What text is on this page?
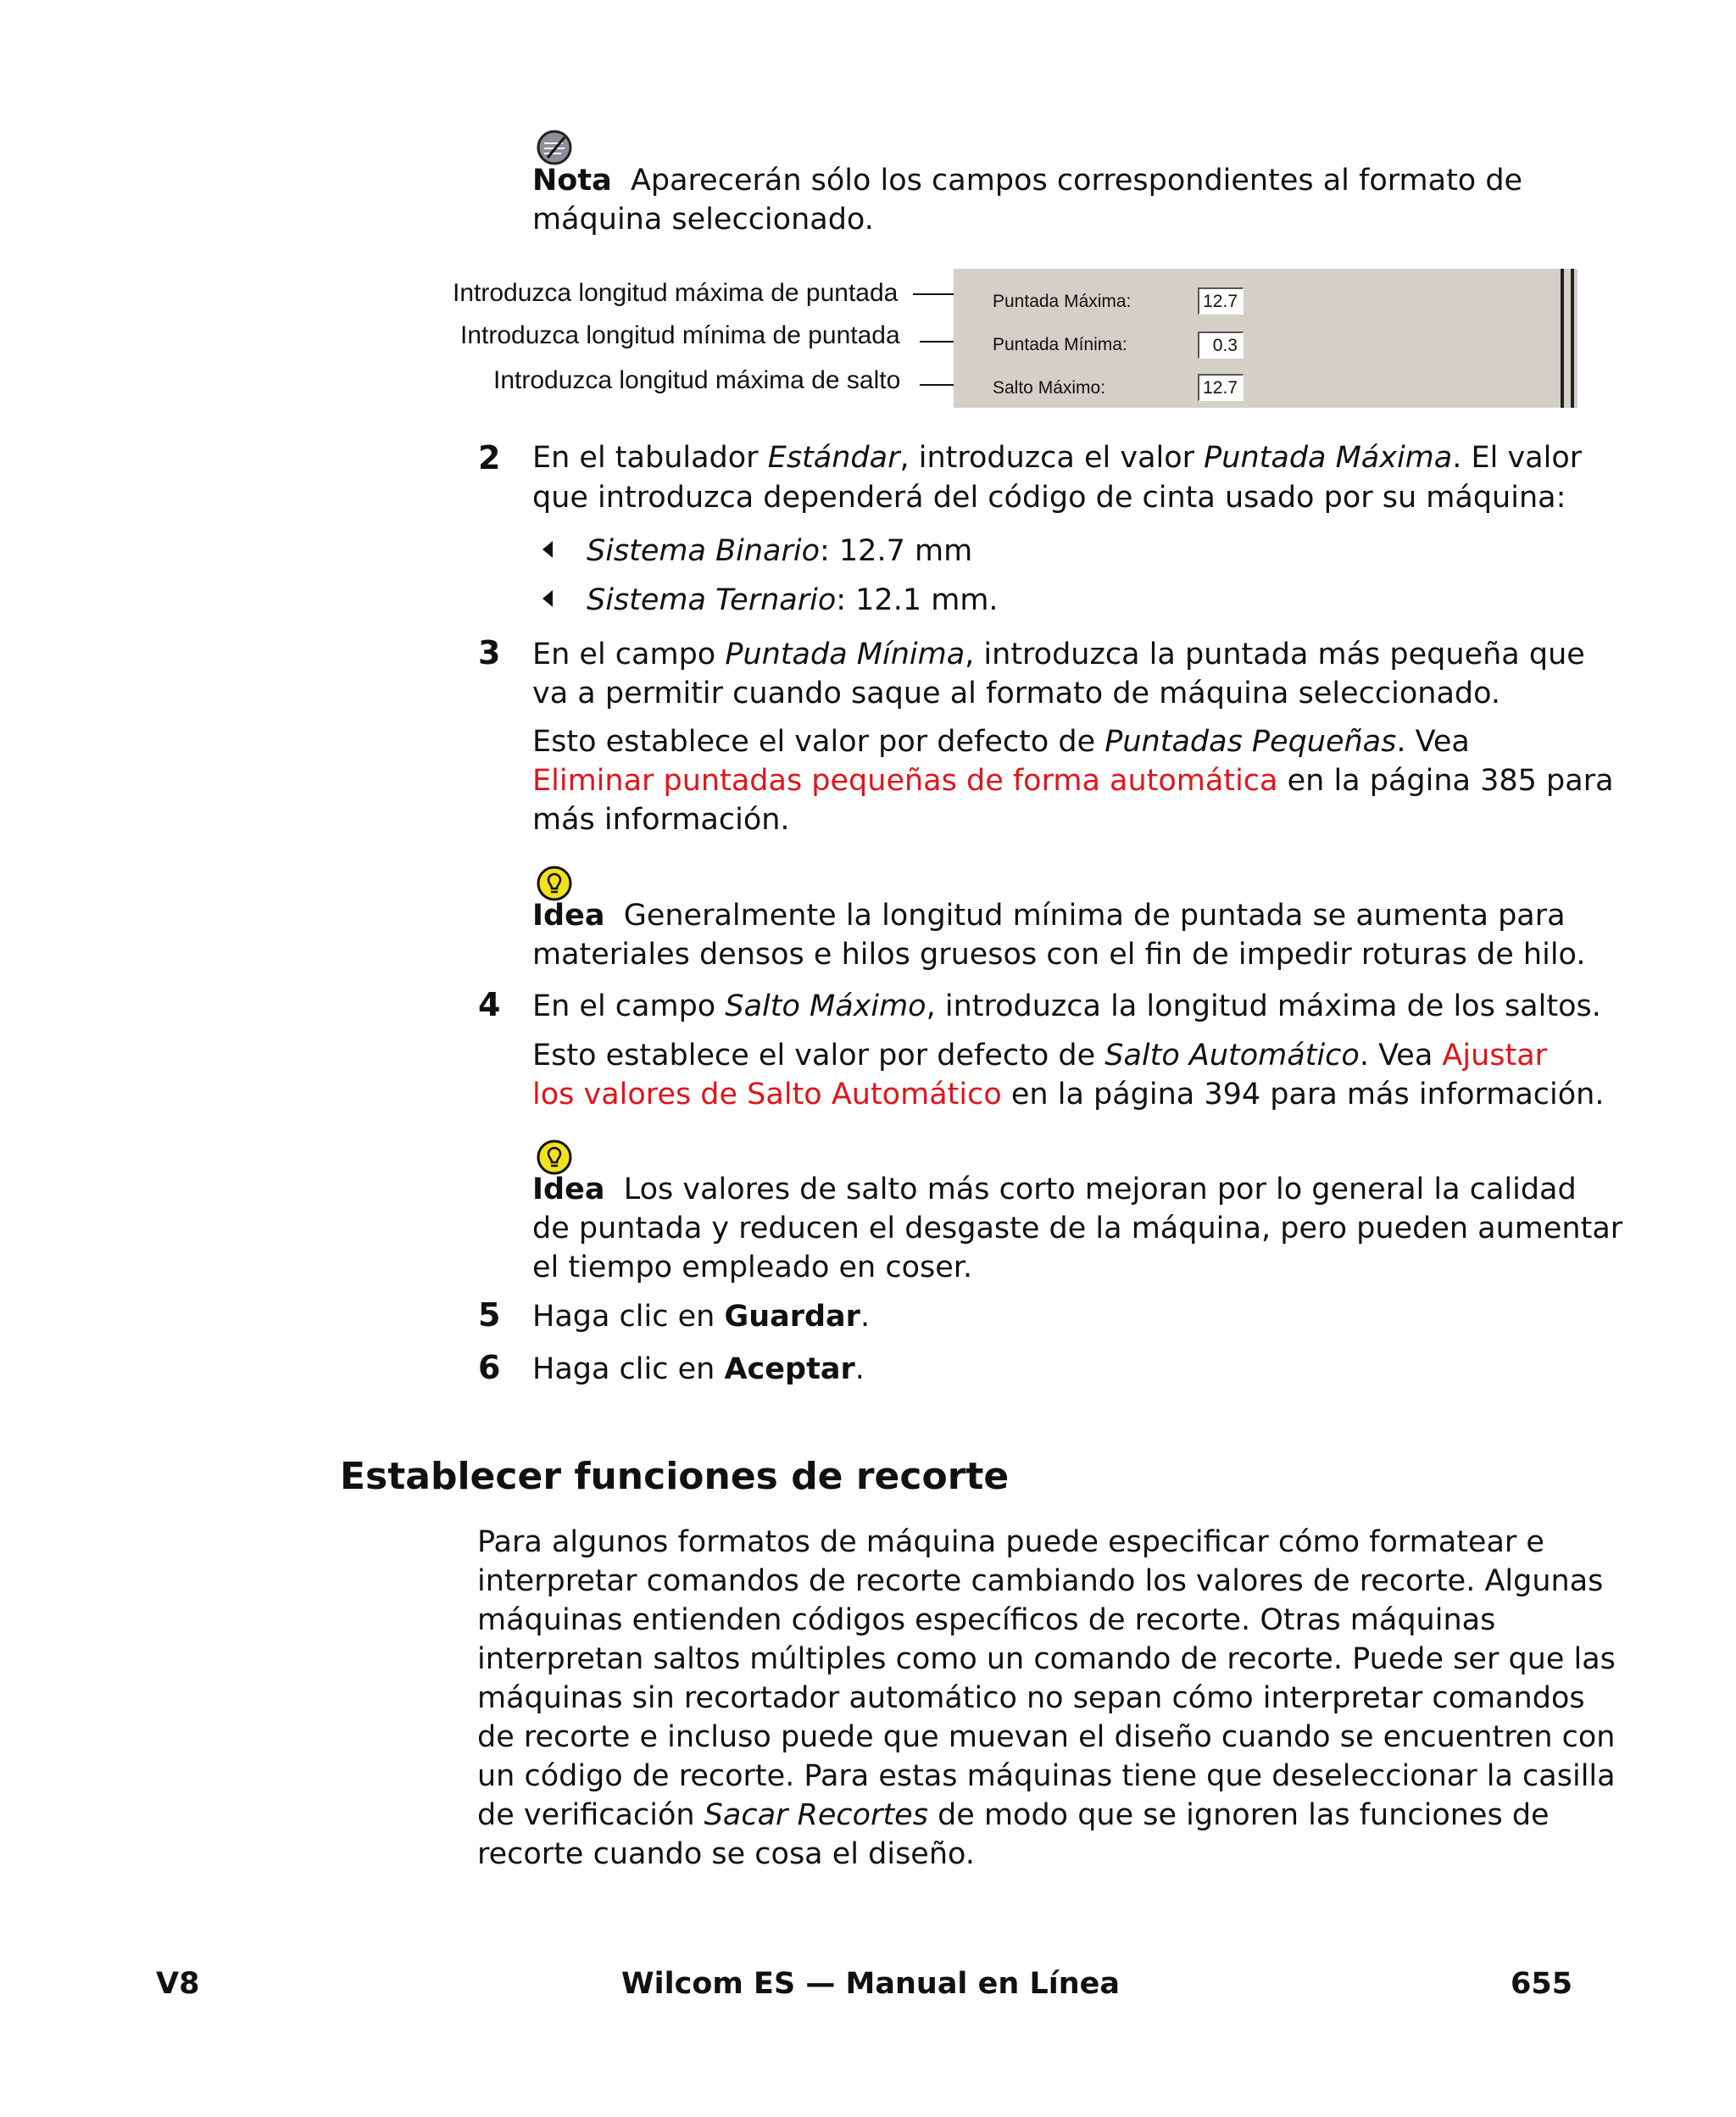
Nota Aparecerán sólo los campos correspondientes al formato de
máquina seleccionado.
Introduzca longitud máxima de puntada
Introduzca longitud mínima de puntada
Introduzca longitud máxima de salto
Puntada Máxima:	12.7
Puntada Mínima:	0.3
Salto Máximo:	12.7
2 En el tabulador Estándar, introduzca el valor Puntada Máxima. El valor
que introduzca dependerá del código de cinta usado por su máquina:
Sistema Binario: 12.7 mm
Sistema Ternario: 12.1 mm.
3 En el campo Puntada Mínima, introduzca la puntada más pequeña que
va a permitir cuando saque al formato de máquina seleccionado.
Esto establece el valor por defecto de Puntadas Pequeñas. Vea
Eliminar puntadas pequeñas de forma automática en la página 385 para
más información.
Idea Generalmente la longitud mínima de puntada se aumenta para
materiales densos e hilos gruesos con el fin de impedir roturas de hilo.
4 En el campo Salto Máximo, introduzca la longitud máxima de los saltos.
Esto establece el valor por defecto de Salto Automático. Vea Ajustar
los valores de Salto Automático en la página 394 para más información.
Idea Los valores de salto más corto mejoran por lo general la calidad
de puntada y reducen el desgaste de la máquina, pero pueden aumentar
el tiempo empleado en coser.
5 Haga clic en Guardar.
6 Haga clic en Aceptar.
Establecer funciones de recorte
Para algunos formatos de máquina puede especificar cómo formatear e
interpretar comandos de recorte cambiando los valores de recorte. Algunas
máquinas entienden códigos específicos de recorte. Otras máquinas
interpretan saltos múltiples como un comando de recorte. Puede ser que las
máquinas sin recortador automático no sepan cómo interpretar comandos
de recorte e incluso puede que muevan el diseño cuando se encuentren con
un código de recorte. Para estas máquinas tiene que deseleccionar la casilla
de verificación Sacar Recortes de modo que se ignoren las funciones de
recorte cuando se cosa el diseño.
V8	Wilcom ES — Manual en Línea	655
